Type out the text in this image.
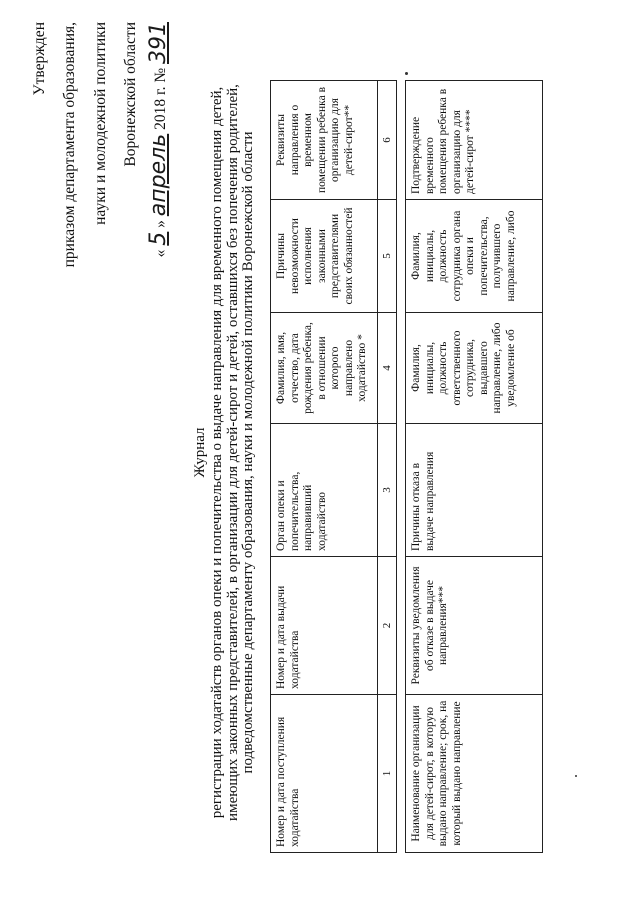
Утвержден приказом департамента образования, науки и молодежной политики Воронежской области
« 5 » апрель 2018 г. № 391
Журнал регистрации ходатайств органов опеки и попечительства о выдаче направления для временного помещения детей, имеющих законных представителей, в организации для детей-сирот и детей, оставшихся без попечения родителей, подведомственные департаменту образования, науки и молодежной политики Воронежской области
Номер и дата поступления ходатайства	Номер и дата выдачи ходатайства	Орган опеки и попечительства, направивший ходатайство	Фамилия, имя, отчество, дата рождения ребенка, в отношении которого направлено ходатайство *	Причины невозможности исполнения законными представителями своих обязанностей	Реквизиты направления о временном помещении ребенка в организацию для детей-сирот**
1	2	3	4	5	6
Наименование организации для детей-сирот, в которую выдано направление; срок, на который выдано направление	Реквизиты уведомления об отказе в выдаче направления***	Причины отказа в выдаче направления	Фамилия, инициалы, должность ответственного сотрудника, выдавшего направление, либо уведомление об	Фамилия, инициалы, должность сотрудника органа опеки и попечительства, получившего направление, либо	Подтверждение временного помещения ребенка в организацию для детей-сирот ****
